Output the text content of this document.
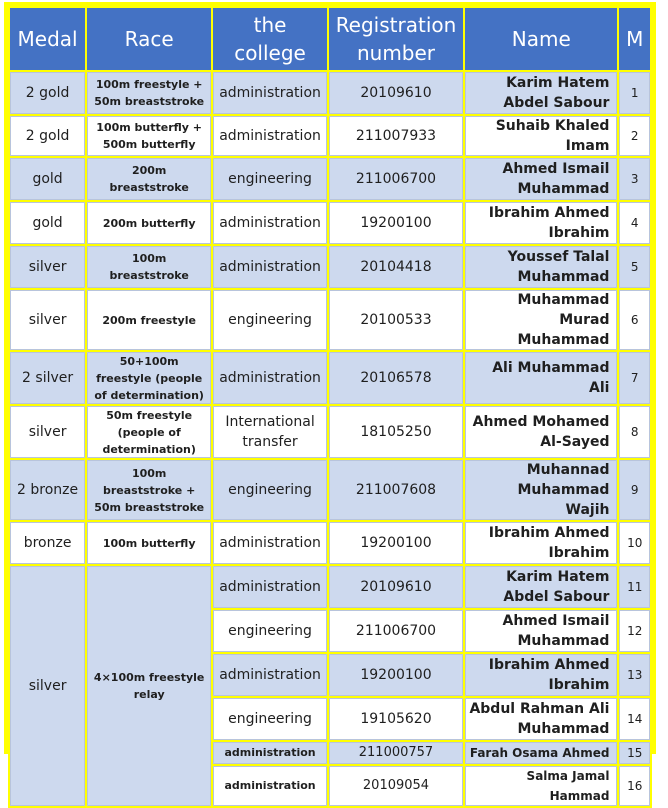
Medal	Race	the college	Registration number	Name	M
2 gold	100m freestyle + 50m breaststroke	administration	20109610	Karim Hatem Abdel Sabour	1
2 gold	100m butterfly + 500m butterfly	administration	211007933	Suhaib Khaled Imam	2
gold	200m breaststroke	engineering	211006700	Ahmed Ismail Muhammad	3
gold	200m butterfly	administration	19200100	Ibrahim Ahmed Ibrahim	4
silver	100m breaststroke	administration	20104418	Youssef Talal Muhammad	5
silver	200m freestyle	engineering	20100533	Muhammad Murad Muhammad	6
2 silver	50+100m freestyle (people of determination)	administration	20106578	Ali Muhammad Ali	7
silver	50m freestyle (people of determination)	International transfer	18105250	Ahmed Mohamed Al-Sayed	8
2 bronze	100m breaststroke + 50m breaststroke	engineering	211007608	Muhannad Muhammad Wajih	9
bronze	100m butterfly	administration	19200100	Ibrahim Ahmed Ibrahim	10
silver	4×100m freestyle relay	administration	20109610	Karim Hatem Abdel Sabour	11
		engineering	211006700	Ahmed Ismail Muhammad	12
		administration	19200100	Ibrahim Ahmed Ibrahim	13
		engineering	19105620	Abdul Rahman Ali Muhammad	14
		administration	211000757	Farah Osama Ahmed	15
		administration	20109054	Salma Jamal Hammad	16
